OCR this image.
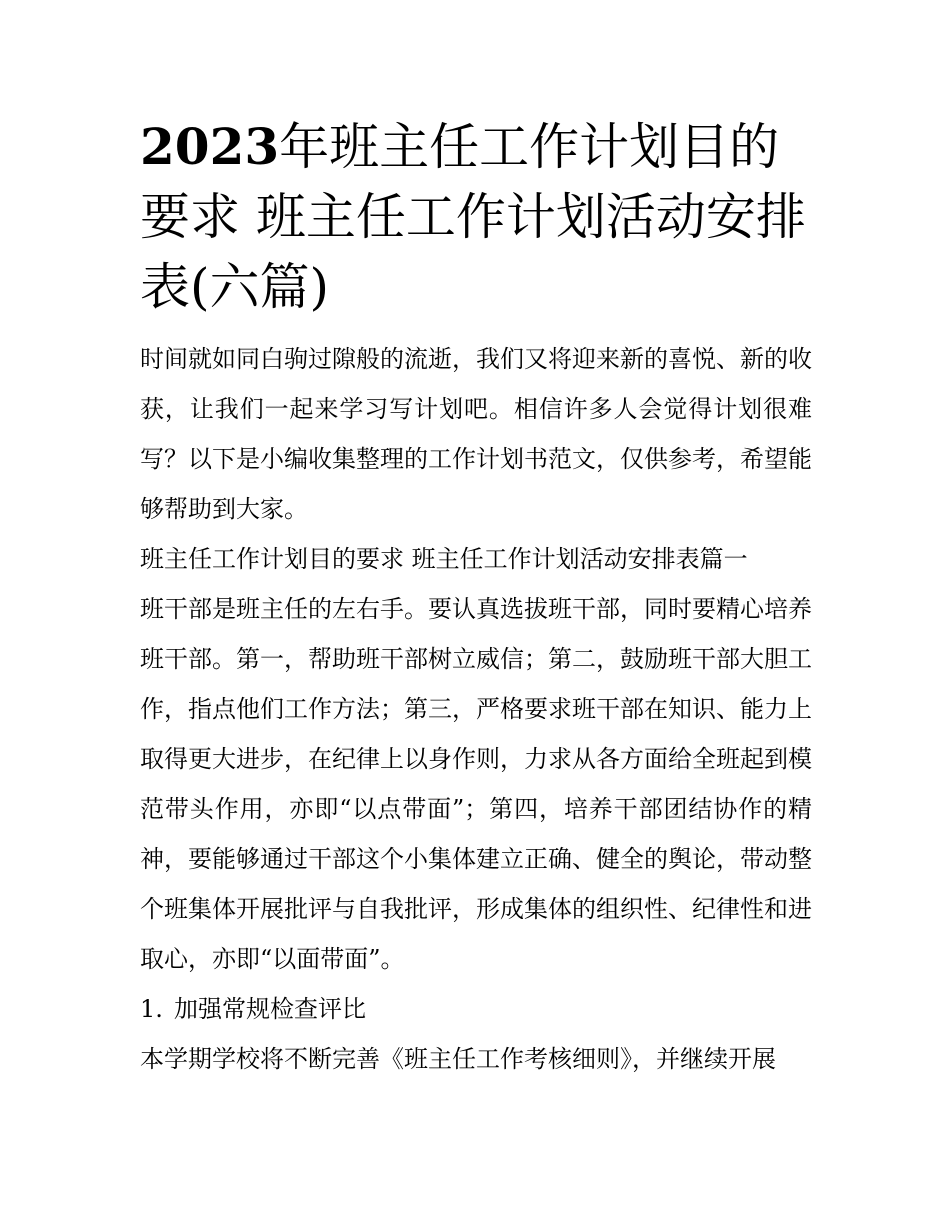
2023年班主任工作计划目的要求 班主任工作计划活动安排表(六篇)

时间就如同白驹过隙般的流逝，我们又将迎来新的喜悦、新的收获，让我们一起来学习写计划吧。相信许多人会觉得计划很难写？以下是小编收集整理的工作计划书范文，仅供参考，希望能够帮助到大家。

班主任工作计划目的要求 班主任工作计划活动安排表篇一

班干部是班主任的左右手。要认真选拔班干部，同时要精心培养班干部。第一，帮助班干部树立威信；第二，鼓励班干部大胆工作，指点他们工作方法；第三，严格要求班干部在知识、能力上取得更大进步，在纪律上以身作则，力求从各方面给全班起到模范带头作用，亦即“以点带面”；第四，培养干部团结协作的精神，要能够通过干部这个小集体建立正确、健全的舆论，带动整个班集体开展批评与自我批评，形成集体的组织性、纪律性和进取心，亦即“以面带面”。

1. 加强常规检查评比

本学期学校将不断完善《班主任工作考核细则》，并继续开展
